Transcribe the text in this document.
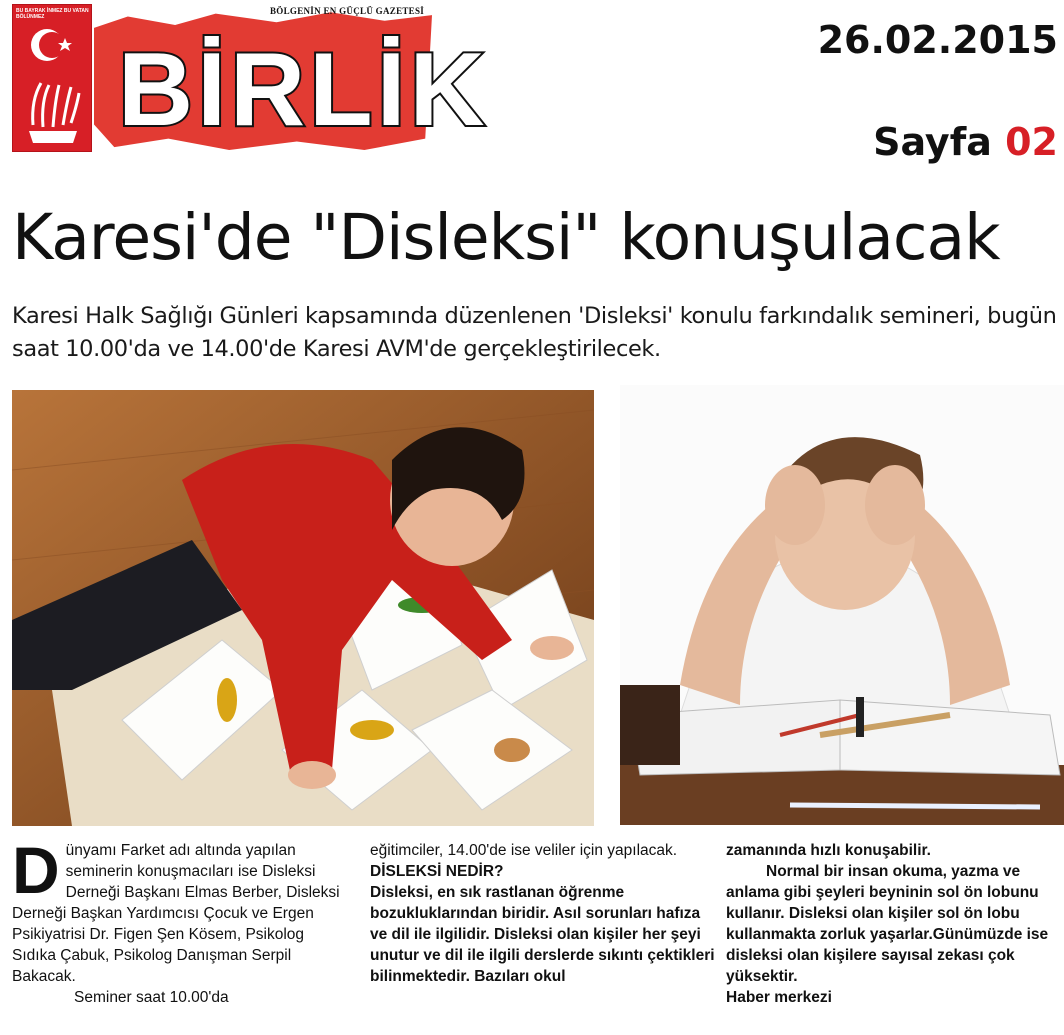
BU BAYRAK İNMEZ BU VATAN BÖLÜNMEZ
BÖLGENİN EN GÜÇLÜ GAZETESİ
BİRLİK	26.02.2015
Sayfa 02
Karesi'de "Disleksi" konuşulacak
Karesi Halk Sağlığı Günleri kapsamında düzenlenen 'Disleksi' konulu farkındalık semineri, bugün saat 10.00'da ve 14.00'de Karesi AVM'de gerçekleştirilecek.
D ünyamı Farket adı altında yapılan seminerin konuşmacıları ise Disleksi Derneği Başkanı Elmas Berber, Disleksi Derneği Başkan Yardımcısı Çocuk ve Ergen Psikiyatrisi Dr. Figen Şen Kösem, Psikolog Sıdıka Çabuk, Psikolog Danışman Serpil Bakacak.

Seminer saat 10.00'da

eğitimciler, 14.00'de ise veliler için yapılacak.

DİSLEKSİ NEDİR?

Disleksi, en sık rastlanan öğrenme bozukluklarından biridir. Asıl sorunları hafıza ve dil ile ilgilidir. Disleksi olan kişiler her şeyi unutur ve dil ile ilgili derslerde sıkıntı çektikleri bilinmektedir. Bazıları okul

zamanında hızlı konuşabilir.

Normal bir insan okuma, yazma ve anlama gibi şeyleri beyninin sol ön lobunu kullanır. Disleksi olan kişiler sol ön lobu kullanmakta zorluk yaşarlar.Günümüzde ise disleksi olan kişilere sayısal zekası çok yüksektir.

Haber merkezi
